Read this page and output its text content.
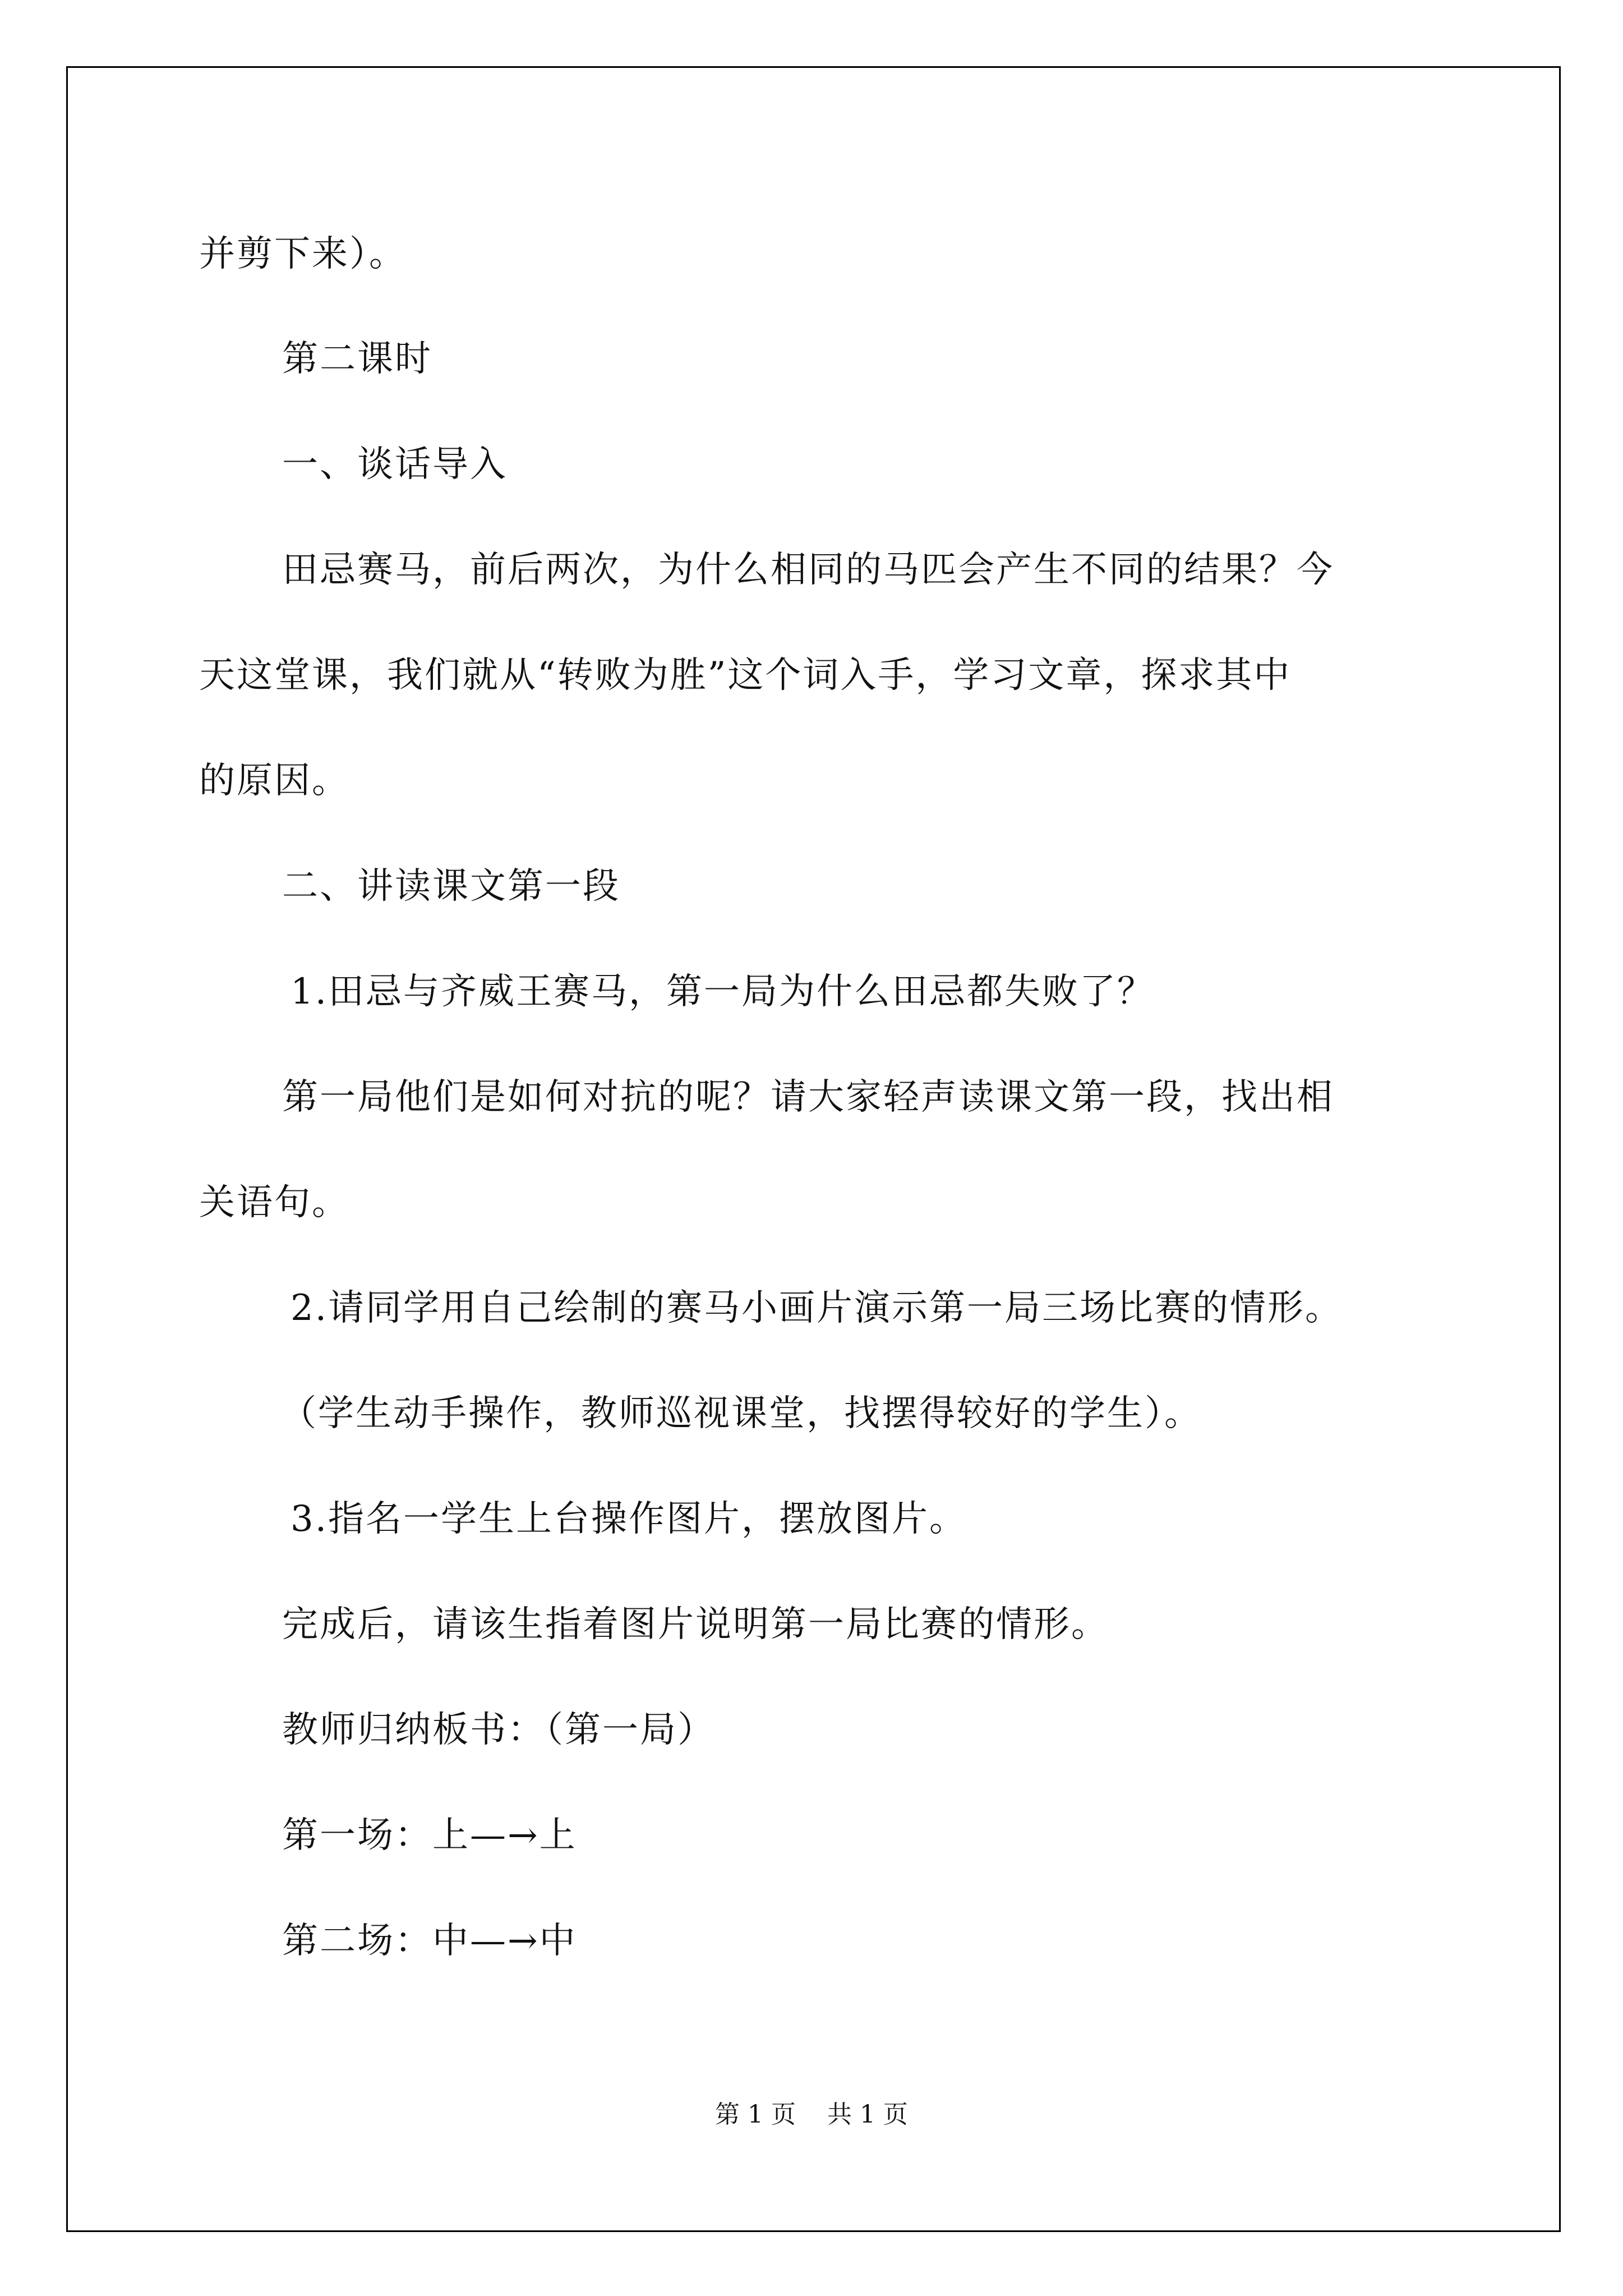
并剪下来）。
第二课时
一、谈话导入
田忌赛马，前后两次，为什么相同的马匹会产生不同的结果？今
天这堂课，我们就从“转败为胜”这个词入手，学习文章，探求其中
的原因。
二、讲读课文第一段
1.田忌与齐威王赛马，第一局为什么田忌都失败了？
第一局他们是如何对抗的呢？请大家轻声读课文第一段，找出相
关语句。
2.请同学用自己绘制的赛马小画片演示第一局三场比赛的情形。
（学生动手操作，教师巡视课堂，找摆得较好的学生）。
3.指名一学生上台操作图片，摆放图片。
完成后，请该生指着图片说明第一局比赛的情形。
教师归纳板书：（第一局）
第一场：上—→上
第二场：中—→中
第 1 页    共 1 页
